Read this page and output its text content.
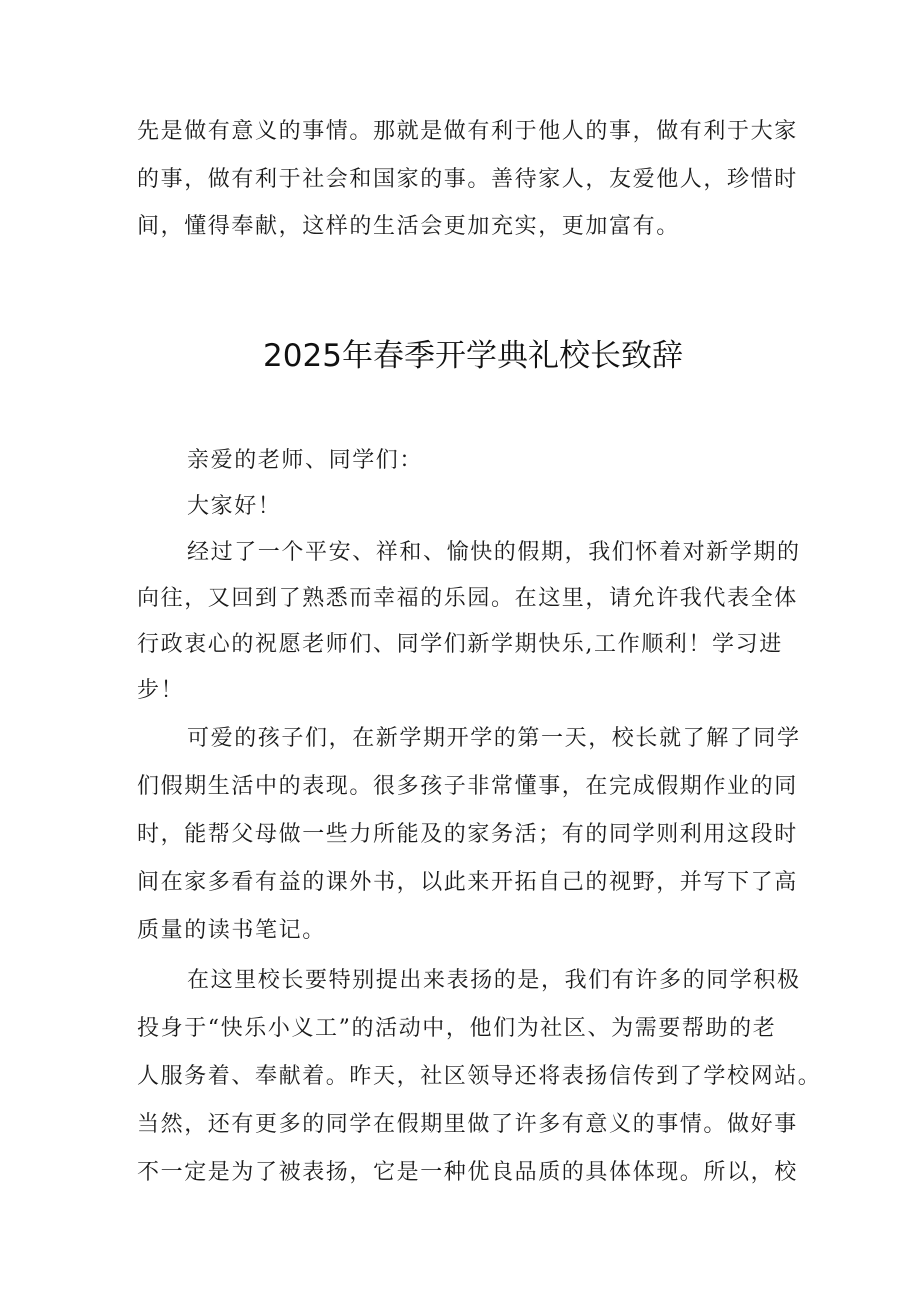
先是做有意义的事情。那就是做有利于他人的事，做有利于大家
的事，做有利于社会和国家的事。善待家人，友爱他人，珍惜时
间，懂得奉献，这样的生活会更加充实，更加富有。
2025年春季开学典礼校长致辞
亲爱的老师、同学们：
大家好！
经过了一个平安、祥和、愉快的假期，我们怀着对新学期的
向往，又回到了熟悉而幸福的乐园。在这里，请允许我代表全体
行政衷心的祝愿老师们、同学们新学期快乐,工作顺利！学习进
步！
可爱的孩子们，在新学期开学的第一天，校长就了解了同学
们假期生活中的表现。很多孩子非常懂事，在完成假期作业的同
时，能帮父母做一些力所能及的家务活；有的同学则利用这段时
间在家多看有益的课外书，以此来开拓自己的视野，并写下了高
质量的读书笔记。
在这里校长要特别提出来表扬的是，我们有许多的同学积极
投身于“快乐小义工”的活动中，他们为社区、为需要帮助的老
人服务着、奉献着。昨天，社区领导还将表扬信传到了学校网站。
当然，还有更多的同学在假期里做了许多有意义的事情。做好事
不一定是为了被表扬，它是一种优良品质的具体体现。所以，校
